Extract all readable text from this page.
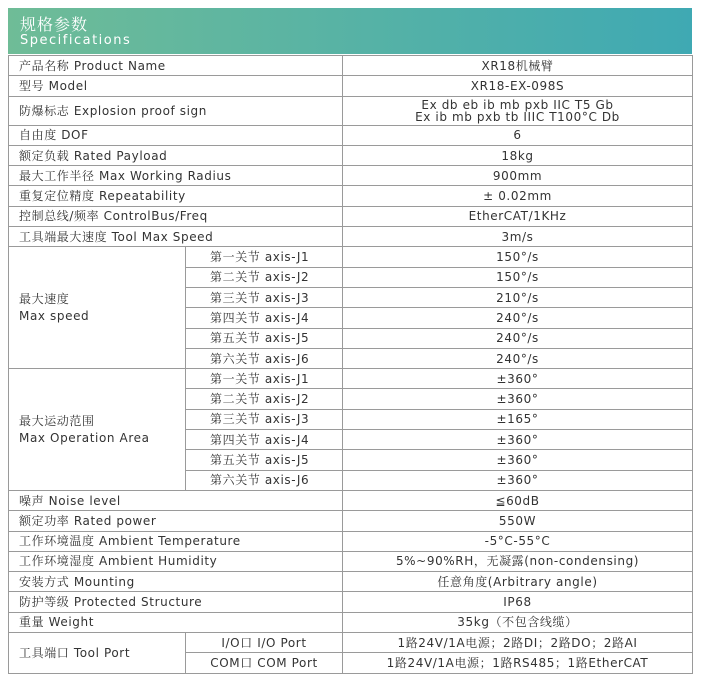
规格参数
Specifications
产品名称 Product Name		XR18机械臂
型号 Model		XR18-EX-098S
防爆标志 Explosion proof sign		Ex db eb ib mb pxb IIC T5 Gb
Ex ib mb pxb tb IIIC T100°C Db

自由度 DOF		6
额定负载 Rated Payload		18kg
最大工作半径 Max Working Radius		900mm
重复定位精度 Repeatability		± 0.02mm
控制总线/频率 ControlBus/Freq		EtherCAT/1KHz
工具端最大速度 Tool Max Speed		3m/s

最大速度
Max speed	第一关节 axis-J1	150°/s
	第二关节 axis-J2	150°/s
	第三关节 axis-J3	210°/s
	第四关节 axis-J4	240°/s
	第五关节 axis-J5	240°/s
	第六关节 axis-J6	240°/s

最大运动范围
Max Operation Area	第一关节 axis-J1	±360°
	第二关节 axis-J2	±360°
	第三关节 axis-J3	±165°
	第四关节 axis-J4	±360°
	第五关节 axis-J5	±360°
	第六关节 axis-J6	±360°
噪声 Noise level		≦60dB
额定功率 Rated power		550W
工作环境温度 Ambient Temperature		-5°C-55°C
工作环境湿度 Ambient Humidity		5%~90%RH，无凝露(non-condensing)
安装方式 Mounting		任意角度(Arbitrary angle)
防护等级 Protected Structure		IP68
重量 Weight		35kg（不包含线缆）
工具端口 Tool Port	I/O口 I/O Port	1路24V/1A电源；2路DI；2路DO；2路AI
	COM口 COM Port	1路24V/1A电源；1路RS485；1路EtherCAT
